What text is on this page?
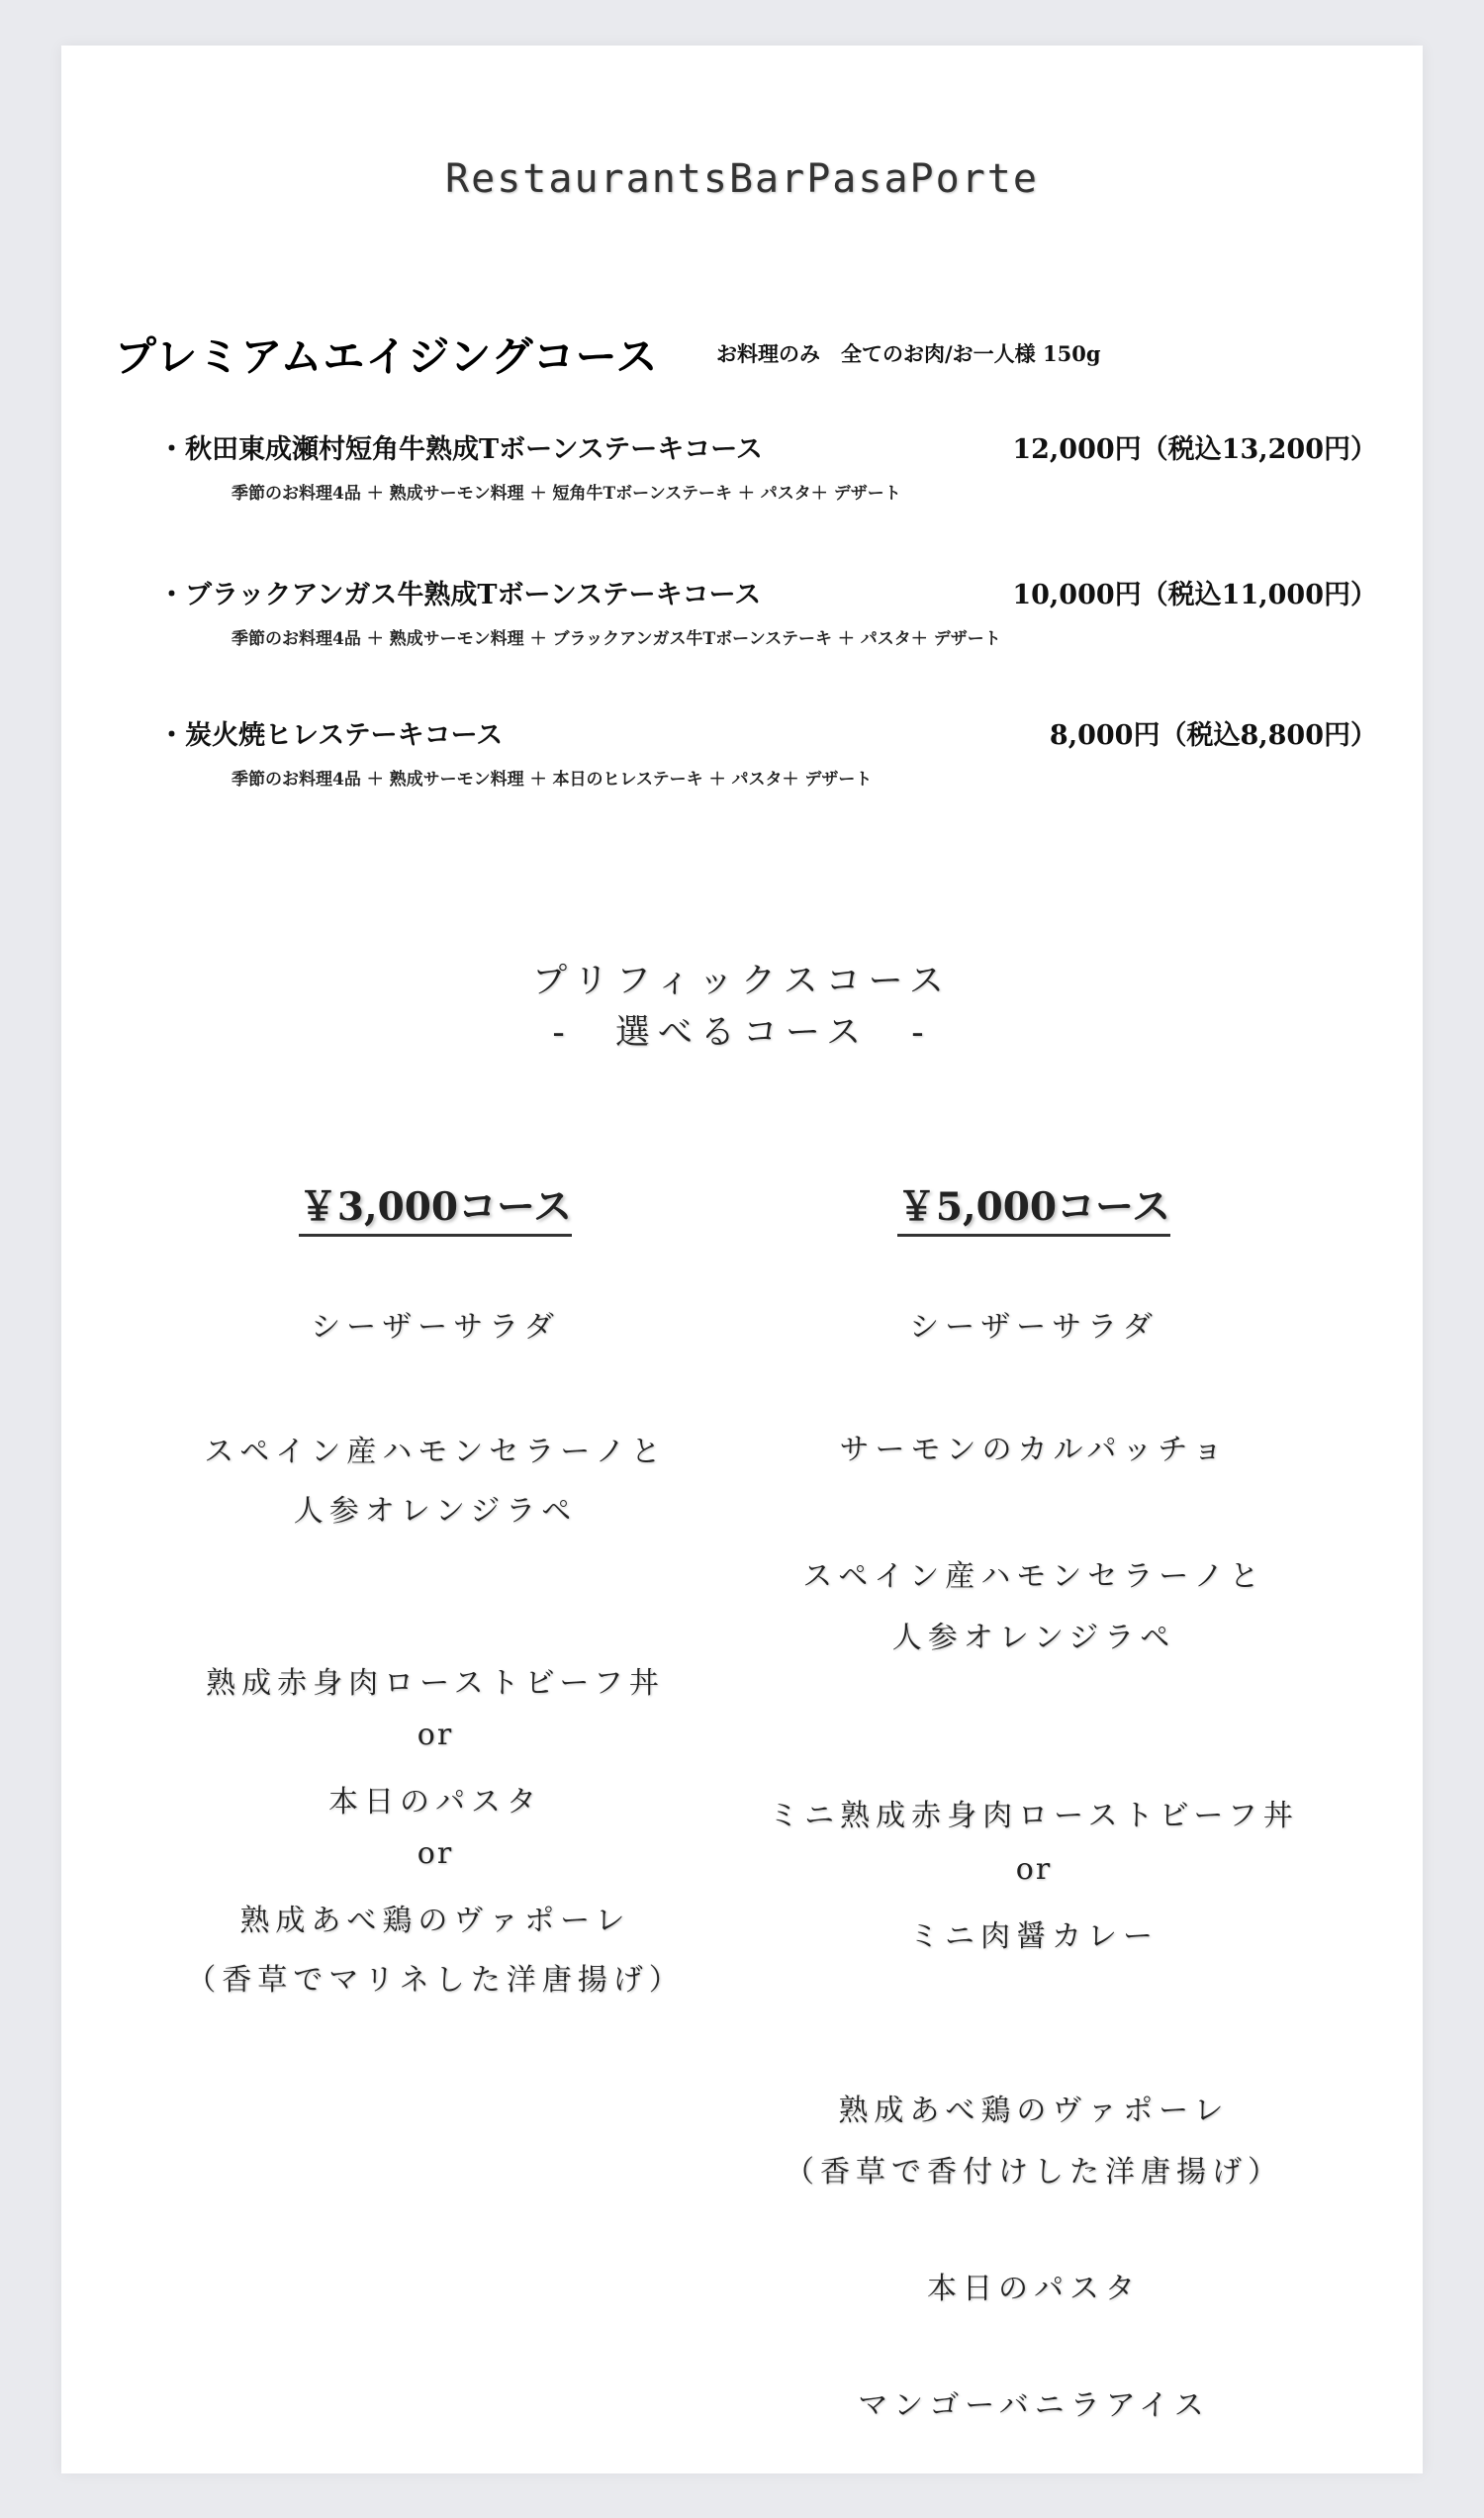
RestaurantsBarPasaPorte
プレミアムエイジングコース	お料理のみ　全てのお肉/お一人様 150g
・秋田東成瀬村短角牛熟成Tボーンステーキコース	12,000円（税込13,200円）
季節のお料理4品 ＋ 熟成サーモン料理 ＋ 短角牛Tボーンステーキ ＋ パスタ＋ デザート
・ブラックアンガス牛熟成Tボーンステーキコース	10,000円（税込11,000円）
季節のお料理4品 ＋ 熟成サーモン料理 ＋ ブラックアンガス牛Tボーンステーキ ＋ パスタ＋ デザート
・炭火焼ヒレステーキコース	8,000円（税込8,800円）
季節のお料理4品 ＋ 熟成サーモン料理 ＋ 本日のヒレステーキ ＋ パスタ＋ デザート
プリフィックスコース
-　選べるコース　-
￥3,000コース
シーザーサラダ
スペイン産ハモンセラーノと
人参オレンジラペ
熟成赤身肉ローストビーフ丼
or
本日のパスタ
or
熟成あべ鶏のヴァポーレ
（香草でマリネした洋唐揚げ）
￥5,000コース
シーザーサラダ
サーモンのカルパッチョ
スペイン産ハモンセラーノと
人参オレンジラペ
ミニ熟成赤身肉ローストビーフ丼
or
ミニ肉醤カレー
熟成あべ鶏のヴァポーレ
（香草で香付けした洋唐揚げ）
本日のパスタ
マンゴーバニラアイス
